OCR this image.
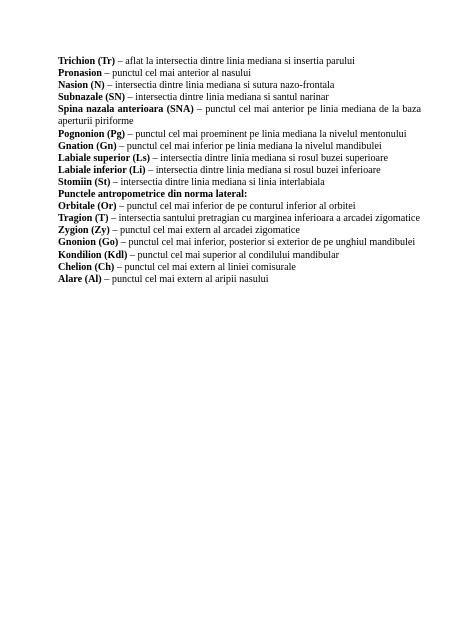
Trichion (Tr) – aflat la intersectia dintre linia mediana si insertia parului

Pronasion – punctul cel mai anterior al nasului

Nasion (N) – intersectia dintre linia mediana si sutura nazo-frontala

Subnazale (SN) – intersectia dintre linia mediana si santul narinar

Spina nazala anterioara (SNA) – punctul cel mai anterior pe linia mediana de la baza aperturii piriforme

Pognonion (Pg) – punctul cel mai proeminent pe linia mediana la nivelul mentonului

Gnation (Gn) – punctul cel mai inferior pe linia mediana la nivelul mandibulei

Labiale superior (Ls) – intersectia dintre linia mediana si rosul buzei superioare

Labiale inferior (Li) – intersectia dintre linia mediana si rosul buzei inferioare

Stomiin (St) – intersectia dintre linia mediana si linia interlabiala

Punctele antropometrice din norma lateral:

Orbitale (Or) – punctul cel mai inferior de pe conturul inferior al orbitei

Tragion (T) – intersectia santului pretragian cu marginea inferioara a arcadei zigomatice

Zygion (Zy) – punctul cel mai extern al arcadei zigomatice

Gnonion (Go) – punctul cel mai inferior, posterior si exterior de pe unghiul mandibulei

Kondilion (Kdl) – punctul cel mai superior al condilului mandibular

Chelion (Ch) – punctul cel mai extern al liniei comisurale

Alare (Al) – punctul cel mai extern al aripii nasului
